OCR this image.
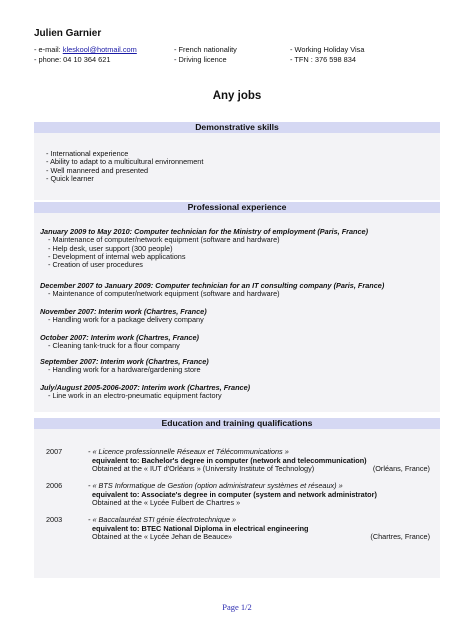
Julien Garnier
- e-mail: kleskool@hotmail.com
- phone: 04 10 364 621
- French nationality
- Driving licence
- Working Holiday Visa
- TFN : 376 598 834
Any jobs
Demonstrative skills
- International experience
- Ability to adapt to a multicultural environnement
- Well mannered and presented
- Quick learner
Professional experience
January 2009 to May 2010: Computer technician for the Ministry of employment (Paris, France)
- Maintenance of computer/network equipment (software and hardware)
- Help desk, user support (300 people)
- Development of internal web applications
- Creation of user procedures
December 2007 to January 2009: Computer technician for an IT consulting company (Paris, France)
- Maintenance of computer/network equipment (software and hardware)
November 2007: Interim work (Chartres, France)
- Handling work for a package delivery company
October 2007: Interim work (Chartres, France)
- Cleaning tank-truck for a flour company
September 2007: Interim work (Chartres, France)
- Handling work for a hardware/gardening store
July/August 2005-2006-2007: Interim work (Chartres, France)
- Line work in an electro-pneumatic equipment factory
Education and training qualifications
2007	- « Licence professionnelle Réseaux et Télécommunications »
equivalent to: Bachelor's degree in computer (network and telecommunication)
Obtained at the « IUT d'Orléans » (University Institute of Technology)	(Orléans, France)
2006	- « BTS Informatique de Gestion (option administrateur systèmes et réseaux) »
equivalent to: Associate's degree in computer (system and network administrator)
Obtained at the « Lycée Fulbert de Chartres »
2003	- « Baccalauréat STI génie électrotechnique »
equivalent to: BTEC National Diploma in electrical engineering
Obtained at the « Lycée Jehan de Beauce»	(Chartres, France)
Page 1/2
